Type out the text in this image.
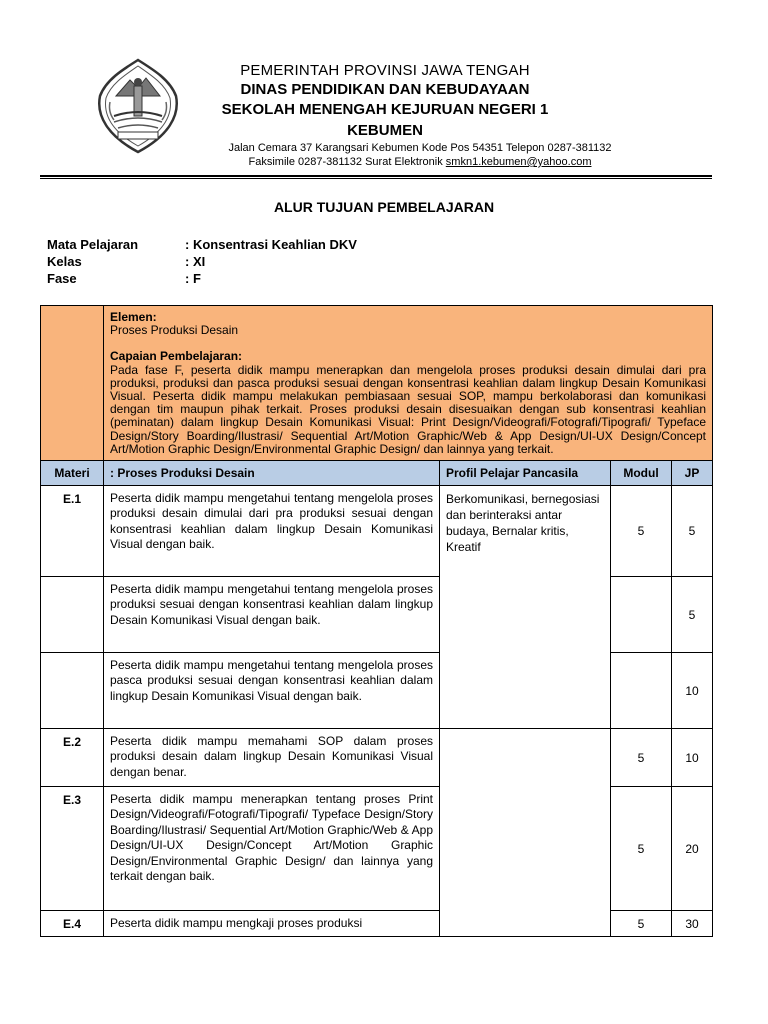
PEMERINTAH PROVINSI JAWA TENGAH
DINAS PENDIDIKAN DAN KEBUDAYAAN
SEKOLAH MENENGAH KEJURUAN NEGERI 1
KEBUMEN
Jalan Cemara 37 Karangsari Kebumen Kode Pos 54351 Telepon 0287-381132
Faksimile 0287-381132 Surat Elektronik smkn1.kebumen@yahoo.com
ALUR TUJUAN PEMBELAJARAN
Mata Pelajaran	: Konsentrasi Keahlian DKV
Kelas	: XI
Fase	: F

	Elemen:
Proses Produksi Desain
Capaian Pembelajaran:
Pada fase F, peserta didik mampu menerapkan dan mengelola proses produksi desain dimulai dari pra produksi, produksi dan pasca produksi sesuai dengan konsentrasi keahlian dalam lingkup Desain Komunikasi Visual. Peserta didik mampu melakukan pembiasaan sesuai SOP, mampu berkolaborasi dan komunikasi dengan tim maupun pihak terkait. Proses produksi desain disesuaikan dengan sub konsentrasi keahlian (peminatan) dalam lingkup Desain Komunikasi Visual: Print Design/Videografi/Fotografi/Tipografi/ Typeface Design/Story Boarding/Ilustrasi/ Sequential Art/Motion Graphic/Web & App Design/UI-UX Design/Concept Art/Motion Graphic Design/Environmental Graphic Design/ dan lainnya yang terkait.			

Materi	: Proses Produksi Desain	Profil Pelajar Pancasila	Modul	JP
E.1	Peserta didik mampu mengetahui tentang mengelola proses produksi desain dimulai dari pra produksi sesuai dengan konsentrasi keahlian dalam lingkup Desain Komunikasi Visual dengan baik.	Berkomunikasi, bernegosiasi dan berinteraksi antar budaya, Bernalar kritis, Kreatif	5	5
	Peserta didik mampu mengetahui tentang mengelola proses produksi sesuai dengan konsentrasi keahlian dalam lingkup Desain Komunikasi Visual dengan baik.			5
	Peserta didik mampu mengetahui tentang mengelola proses pasca produksi sesuai dengan konsentrasi keahlian dalam lingkup Desain Komunikasi Visual dengan baik.			10
E.2	Peserta didik mampu memahami SOP dalam proses produksi desain dalam lingkup Desain Komunikasi Visual dengan benar.		5	10
E.3	Peserta didik mampu menerapkan tentang proses Print Design/Videografi/Fotografi/Tipografi/ Typeface Design/Story Boarding/Ilustrasi/ Sequential Art/Motion Graphic/Web & App Design/UI-UX Design/Concept Art/Motion Graphic Design/Environmental Graphic Design/ dan lainnya yang terkait dengan baik.		5	20
E.4	Peserta didik mampu mengkaji proses produksi		5	30
